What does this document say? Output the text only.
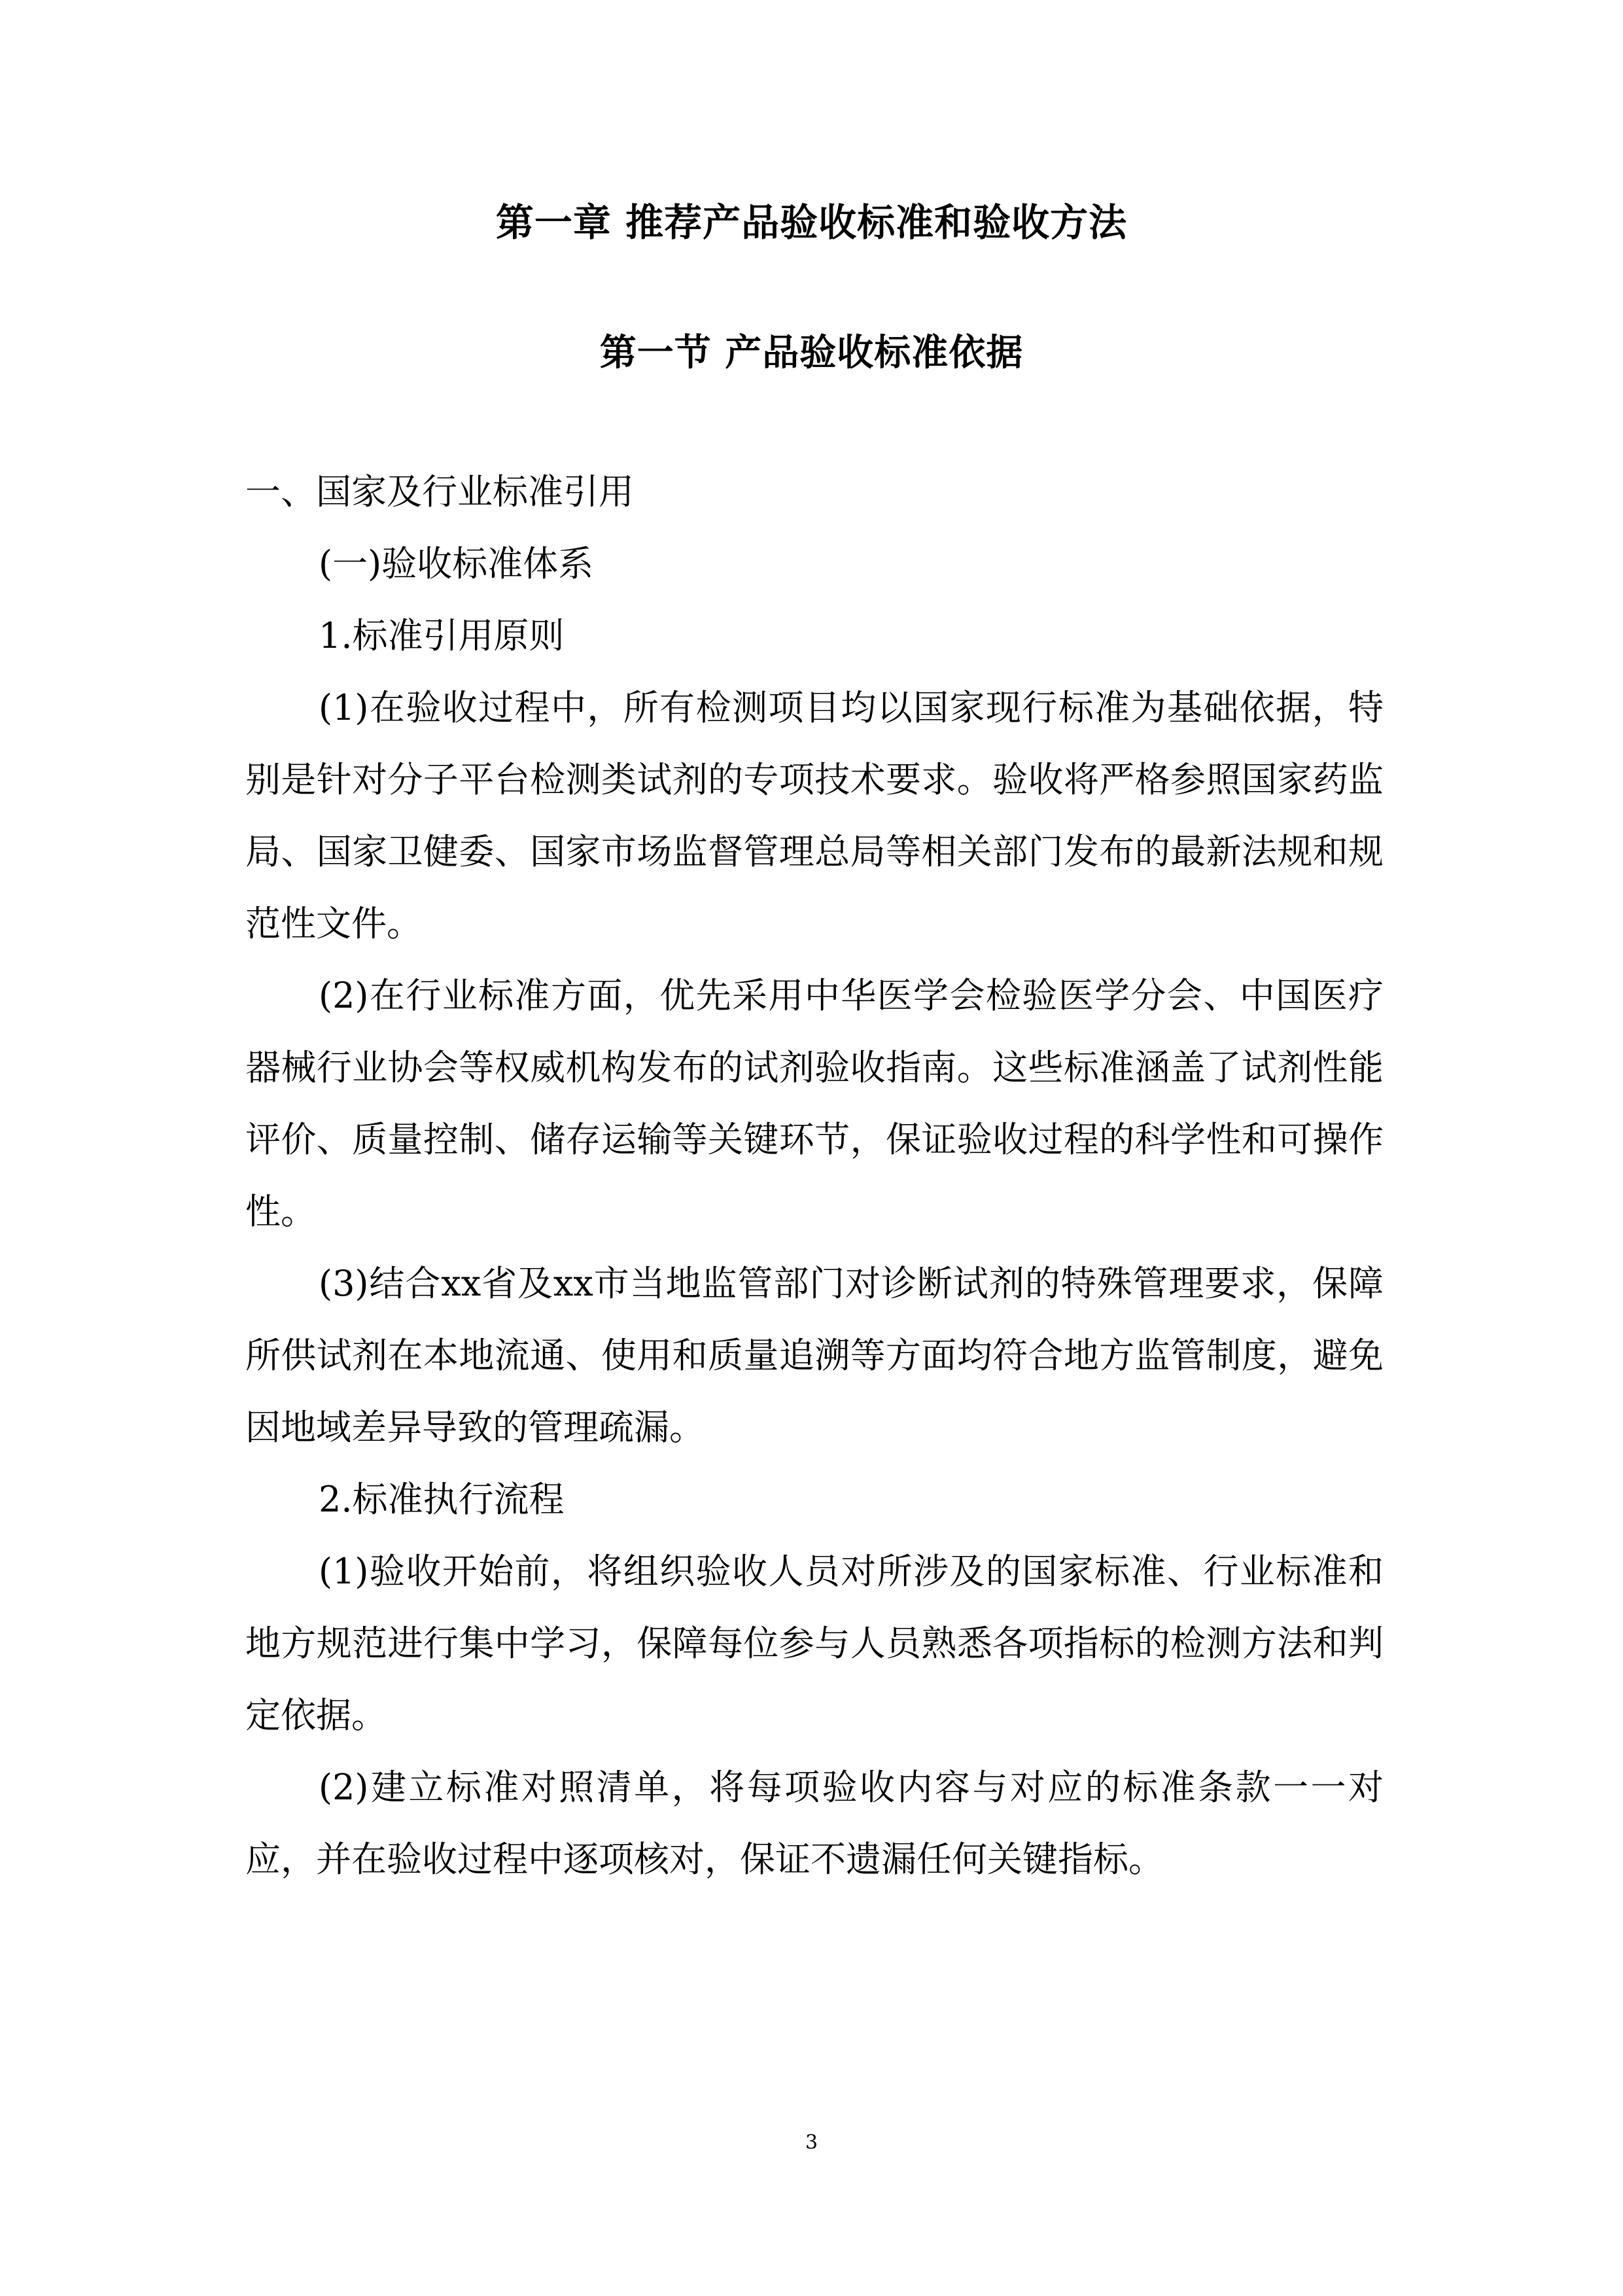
第一章 推荐产品验收标准和验收方法
第一节 产品验收标准依据

一、国家及行业标准引用

(一)验收标准体系

1.标准引用原则

(1)在验收过程中，所有检测项目均以国家现行标准为基础依据，特别是针对分子平台检测类试剂的专项技术要求。验收将严格参照国家药监局、国家卫健委、国家市场监督管理总局等相关部门发布的最新法规和规范性文件。

(2)在行业标准方面，优先采用中华医学会检验医学分会、中国医疗器械行业协会等权威机构发布的试剂验收指南。这些标准涵盖了试剂性能评价、质量控制、储存运输等关键环节，保证验收过程的科学性和可操作性。

(3)结合xx省及xx市当地监管部门对诊断试剂的特殊管理要求，保障所供试剂在本地流通、使用和质量追溯等方面均符合地方监管制度，避免因地域差异导致的管理疏漏。

2.标准执行流程

(1)验收开始前，将组织验收人员对所涉及的国家标准、行业标准和地方规范进行集中学习，保障每位参与人员熟悉各项指标的检测方法和判定依据。

(2)建立标准对照清单，将每项验收内容与对应的标准条款一一对应，并在验收过程中逐项核对，保证不遗漏任何关键指标。

3
